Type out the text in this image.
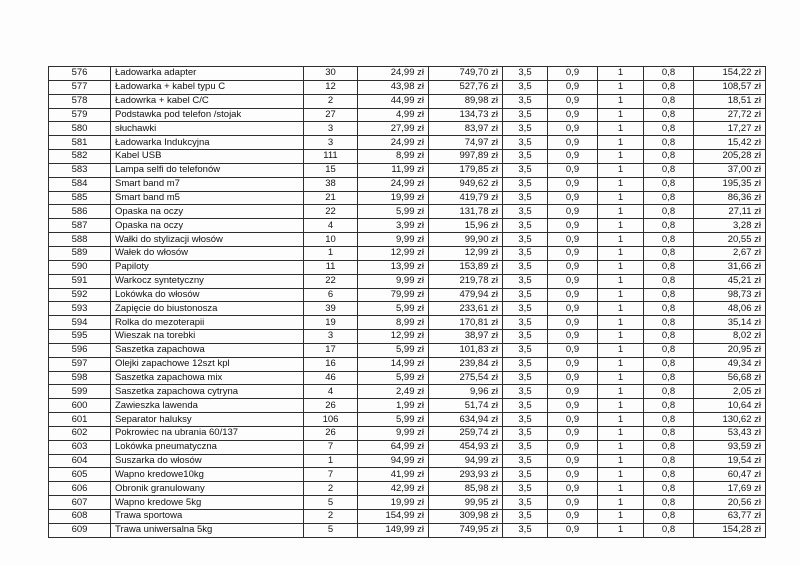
576	Ładowarka adapter	30	24,99 zł	749,70 zł	3,5	0,9	1	0,8	154,22 zł
577	Ładowarka + kabel typu C	12	43,98 zł	527,76 zł	3,5	0,9	1	0,8	108,57 zł
578	Ładowrka + kabel C/C	2	44,99 zł	89,98 zł	3,5	0,9	1	0,8	18,51 zł
579	Podstawka pod telefon /stojak	27	4,99 zł	134,73 zł	3,5	0,9	1	0,8	27,72 zł
580	słuchawki	3	27,99 zł	83,97 zł	3,5	0,9	1	0,8	17,27 zł
581	Ładowarka Indukcyjna	3	24,99 zł	74,97 zł	3,5	0,9	1	0,8	15,42 zł
582	Kabel USB	111	8,99 zł	997,89 zł	3,5	0,9	1	0,8	205,28 zł
583	Lampa selfi do telefonów	15	11,99 zł	179,85 zł	3,5	0,9	1	0,8	37,00 zł
584	Smart band m7	38	24,99 zł	949,62 zł	3,5	0,9	1	0,8	195,35 zł
585	Smart band m5	21	19,99 zł	419,79 zł	3,5	0,9	1	0,8	86,36 zł
586	Opaska na oczy	22	5,99 zł	131,78 zł	3,5	0,9	1	0,8	27,11 zł
587	Opaska na oczy	4	3,99 zł	15,96 zł	3,5	0,9	1	0,8	3,28 zł
588	Wałki do stylizacji włosów	10	9,99 zł	99,90 zł	3,5	0,9	1	0,8	20,55 zł
589	Wałek do włosów	1	12,99 zł	12,99 zł	3,5	0,9	1	0,8	2,67 zł
590	Papiloty	11	13,99 zł	153,89 zł	3,5	0,9	1	0,8	31,66 zł
591	Warkocz syntetyczny	22	9,99 zł	219,78 zł	3,5	0,9	1	0,8	45,21 zł
592	Lokówka do włosów	6	79,99 zł	479,94 zł	3,5	0,9	1	0,8	98,73 zł
593	Zapięcie do biustonosza	39	5,99 zł	233,61 zł	3,5	0,9	1	0,8	48,06 zł
594	Rolka do mezoterapii	19	8,99 zł	170,81 zł	3,5	0,9	1	0,8	35,14 zł
595	Wieszak na torebki	3	12,99 zł	38,97 zł	3,5	0,9	1	0,8	8,02 zł
596	Saszetka zapachowa	17	5,99 zł	101,83 zł	3,5	0,9	1	0,8	20,95 zł
597	Olejki zapachowe 12szt kpl	16	14,99 zł	239,84 zł	3,5	0,9	1	0,8	49,34 zł
598	Saszetka zapachowa mix	46	5,99 zł	275,54 zł	3,5	0,9	1	0,8	56,68 zł
599	Saszetka zapachowa cytryna	4	2,49 zł	9,96 zł	3,5	0,9	1	0,8	2,05 zł
600	Zawieszka lawenda	26	1,99 zł	51,74 zł	3,5	0,9	1	0,8	10,64 zł
601	Separator haluksy	106	5,99 zł	634,94 zł	3,5	0,9	1	0,8	130,62 zł
602	Pokrowiec na ubrania 60/137	26	9,99 zł	259,74 zł	3,5	0,9	1	0,8	53,43 zł
603	Lokówka pneumatyczna	7	64,99 zł	454,93 zł	3,5	0,9	1	0,8	93,59 zł
604	Suszarka do włosów	1	94,99 zł	94,99 zł	3,5	0,9	1	0,8	19,54 zł
605	Wapno kredowe10kg	7	41,99 zł	293,93 zł	3,5	0,9	1	0,8	60,47 zł
606	Obronik granulowany	2	42,99 zł	85,98 zł	3,5	0,9	1	0,8	17,69 zł
607	Wapno kredowe 5kg	5	19,99 zł	99,95 zł	3,5	0,9	1	0,8	20,56 zł
608	Trawa sportowa	2	154,99 zł	309,98 zł	3,5	0,9	1	0,8	63,77 zł
609	Trawa uniwersalna 5kg	5	149,99 zł	749,95 zł	3,5	0,9	1	0,8	154,28 zł
